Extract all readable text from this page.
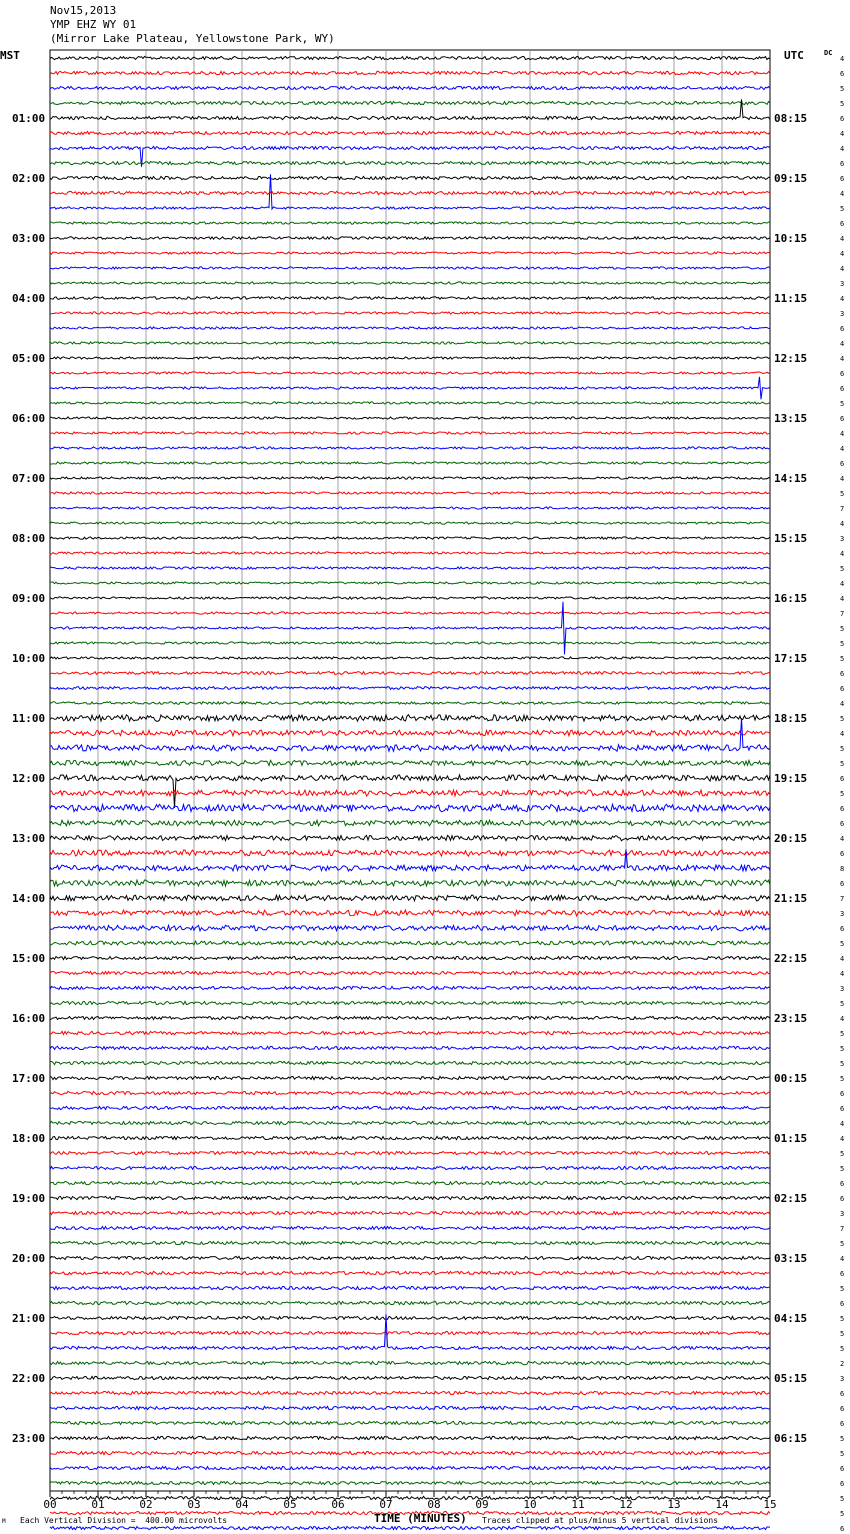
Nov15,2013
YMP EHZ WY 01
(Mirror Lake Plateau, Yellowstone Park, WY)
MST	UTC	DC
00	01	02	03	04	05	06	07	08	09	10	11	12	13	14	15
4
6
5
5
6
4
4
6
6
4
5
6
4
4
4
3
4
3
6
4
4
6
6
5
6
4
4
6
4
5
7
4
3
4
5
4
4
7
5
5
5
6
6
4
5
4
5
5
6
5
6
6
4
6
8
6
7
3
6
5
4
4
3
5
4
5
5
5
5
6
6
4
4
5
5
6
6
3
7
5
4
6
5
6
5
5
5
2
3
6
6
6
5
5
6
6
5
5
6
01:00
02:00
03:00
04:00
05:00
06:00
07:00
08:00
09:00
10:00
11:00
12:00
13:00
14:00
15:00
16:00
17:00
18:00
19:00
20:00
21:00
22:00
23:00
08:15
09:15
10:15
11:15
12:15
13:15
14:15
15:15
16:15
17:15
18:15
19:15
20:15
21:15
22:15
23:15
00:15
01:15
02:15
03:15
04:15
05:15
06:15
TIME (MINUTES)
M Each Vertical Division =  400.00 microvolts	Traces clipped at plus/minus 5 vertical divisions
